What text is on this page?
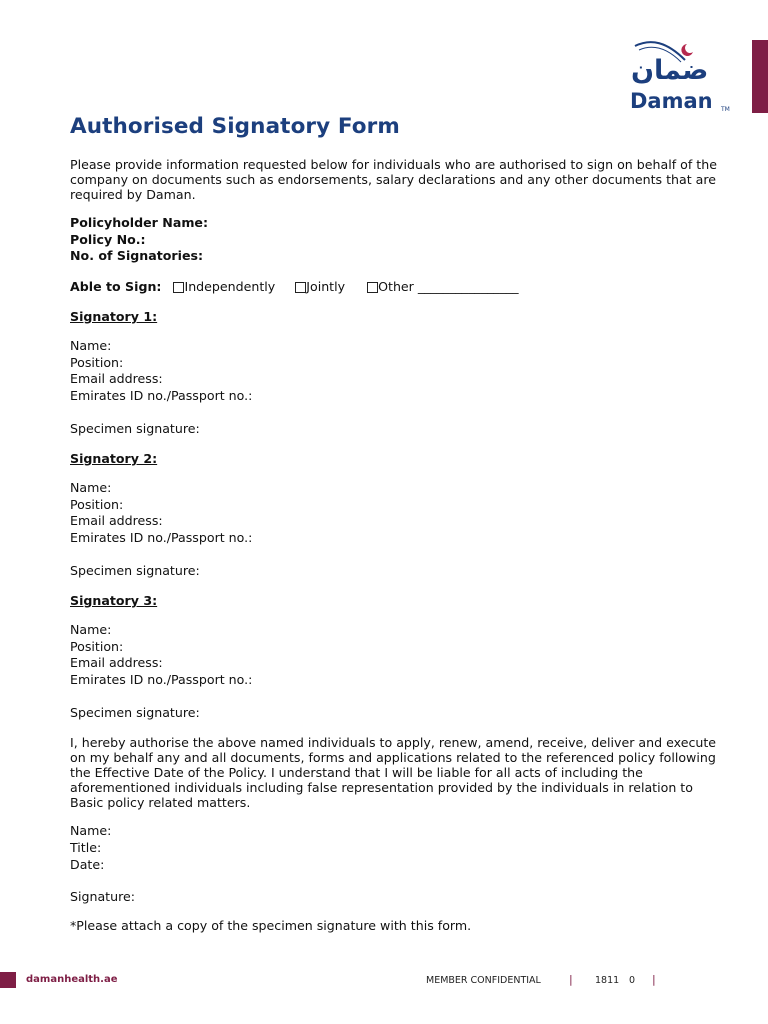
ضمان
Daman TM
Authorised Signatory Form
Please provide information requested below for individuals who are authorised to sign on behalf of the company on documents such as endorsements, salary declarations and any other documents that are required by Daman.
Policyholder Name:
Policy No.:
No. of Signatories:
Able to Sign: Independently Jointly	Other ________________
Signatory 1:
Name:
Position:
Email address:
Emirates ID no./Passport no.:
Specimen signature:
Signatory 2:
Name:
Position:
Email address:
Emirates ID no./Passport no.:
Specimen signature:
Signatory 3:
Name:
Position:
Email address:
Emirates ID no./Passport no.:
Specimen signature:
I, hereby authorise the above named individuals to apply, renew, amend, receive, deliver and execute on my behalf any and all documents, forms and applications related to the referenced policy following the Effective Date of the Policy. I understand that I will be liable for all acts of including the aforementioned individuals including false representation provided by the individuals in relation to Basic policy related matters.
Name:
Title:
Date:
Signature:
*Please attach a copy of the specimen signature with this form.
damanhealth.ae	MEMBER CONFIDENTIAL	| 1811 0 |
